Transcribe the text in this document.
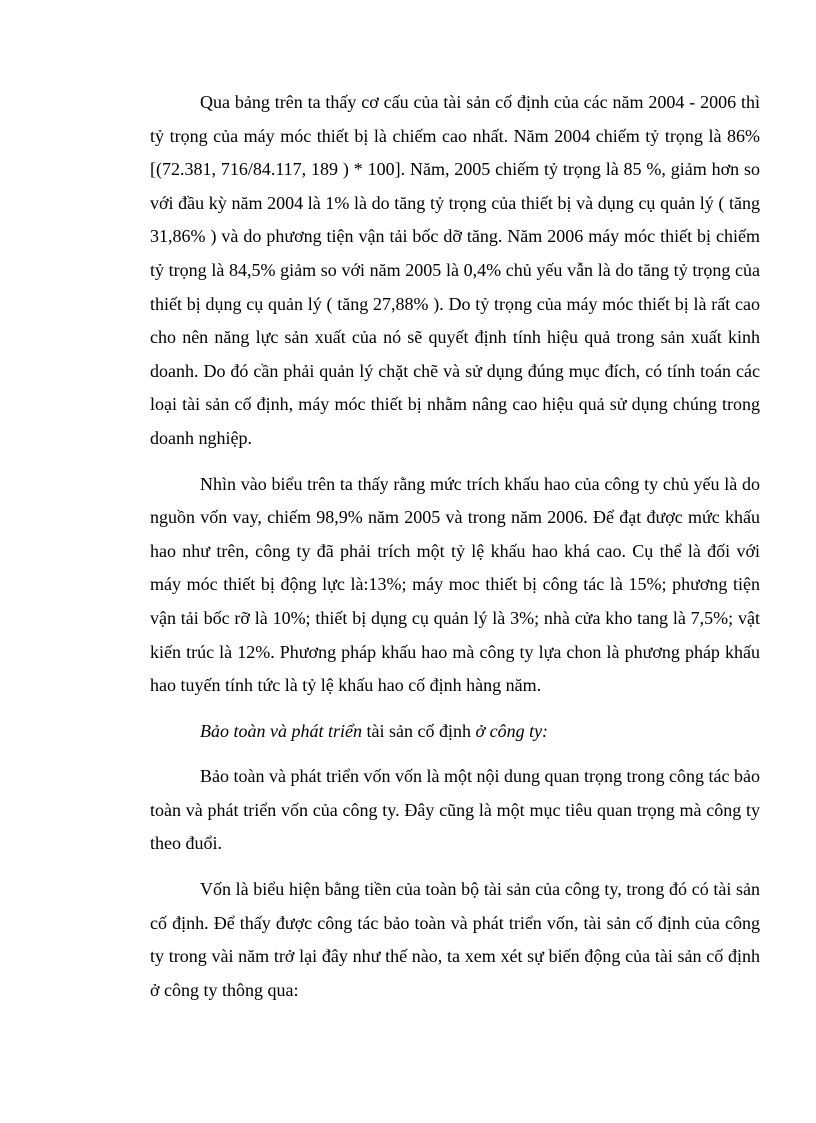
Qua bảng trên ta thấy cơ cấu của tài sản cố định của các năm 2004 - 2006 thì tỷ trọng của máy móc thiết bị là chiếm cao nhất. Năm 2004 chiếm tỷ trọng là 86% [(72.381, 716/84.117, 189 ) * 100]. Năm, 2005 chiếm tỷ trọng là 85 %, giảm hơn so với đầu kỳ năm 2004 là 1% là do tăng tỷ trọng của thiết bị và dụng cụ quản lý ( tăng 31,86% ) và do phương tiện vận tải bốc dỡ tăng. Năm 2006 máy móc thiết bị chiếm tỷ trọng là 84,5% giảm so với năm 2005 là 0,4% chủ yếu vẫn là do tăng tỷ trọng của thiết bị dụng cụ quản lý ( tăng 27,88% ). Do tỷ trọng của máy móc thiết bị là rất cao cho nên năng lực sản xuất của nó sẽ quyết định tính hiệu quả trong sản xuất kinh doanh. Do đó cần phải quản lý chặt chẽ và sử dụng đúng mục đích, có tính toán các loại tài sản cố định, máy móc thiết bị nhằm nâng cao hiệu quả sử dụng chúng trong doanh nghiệp.

Nhìn vào biểu trên ta thấy rằng mức trích khấu hao của công ty chủ yếu là do nguồn vốn vay, chiếm 98,9% năm 2005 và trong năm 2006. Để đạt được mức khấu hao như trên, công ty đã phải trích một tỷ lệ khấu hao khá cao. Cụ thể là đối với máy móc thiết bị động lực là:13%; máy moc thiết bị công tác là 15%; phương tiện vận tải bốc rỡ là 10%; thiết bị dụng cụ quản lý là 3%; nhà cửa kho tang là 7,5%; vật kiến trúc là 12%. Phương pháp khấu hao mà công ty lựa chon là phương pháp khấu hao tuyến tính tức là tỷ lệ khấu hao cố định hàng năm.

Bảo toàn và phát triển tài sản cố định ở công ty:

Bảo toàn và phát triển vốn vốn là một nội dung quan trọng trong công tác bảo toàn và phát triển vốn của công ty. Đây cũng là một mục tiêu quan trọng mà công ty theo đuổi.

Vốn là biểu hiện bằng tiền của toàn bộ tài sản của công ty, trong đó có tài sản cố định. Để thấy được công tác bảo toàn và phát triển vốn, tài sản cố định của công ty trong vài năm trở lại đây như thế nào, ta xem xét sự biến động của tài sản cố định ở công ty thông qua:
